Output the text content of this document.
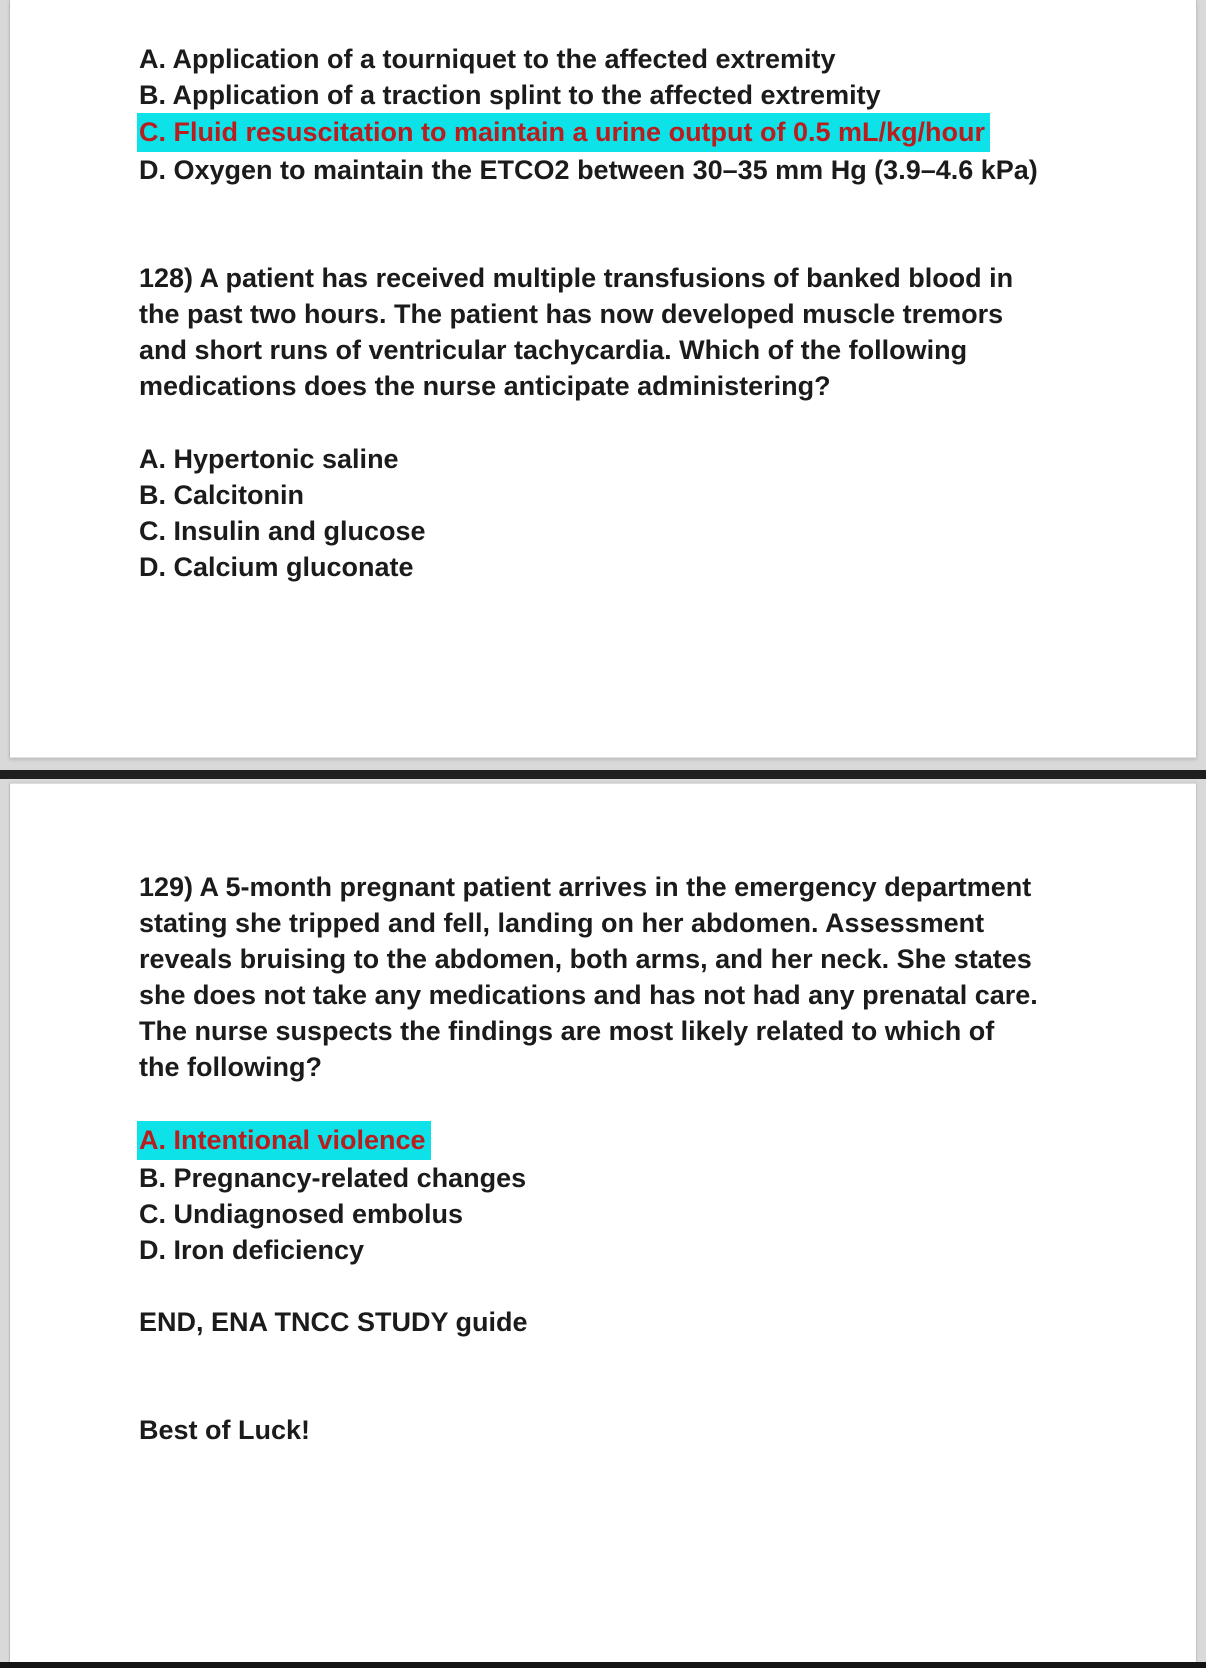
A. Application of a tourniquet to the affected extremity
B. Application of a traction splint to the affected extremity
C. Fluid resuscitation to maintain a urine output of 0.5 mL/kg/hour
D. Oxygen to maintain the ETCO2 between 30–35 mm Hg (3.9–4.6 kPa)
128) A patient has received multiple transfusions of banked blood in
the past two hours. The patient has now developed muscle tremors
and short runs of ventricular tachycardia. Which of the following
medications does the nurse anticipate administering?
A. Hypertonic saline
B. Calcitonin
C. Insulin and glucose
D. Calcium gluconate
129) A 5-month pregnant patient arrives in the emergency department
stating she tripped and fell, landing on her abdomen. Assessment
reveals bruising to the abdomen, both arms, and her neck. She states
she does not take any medications and has not had any prenatal care.
The nurse suspects the findings are most likely related to which of
the following?
A. Intentional violence
B. Pregnancy-related changes
C. Undiagnosed embolus
D. Iron deficiency
END, ENA TNCC STUDY guide
Best of Luck!
